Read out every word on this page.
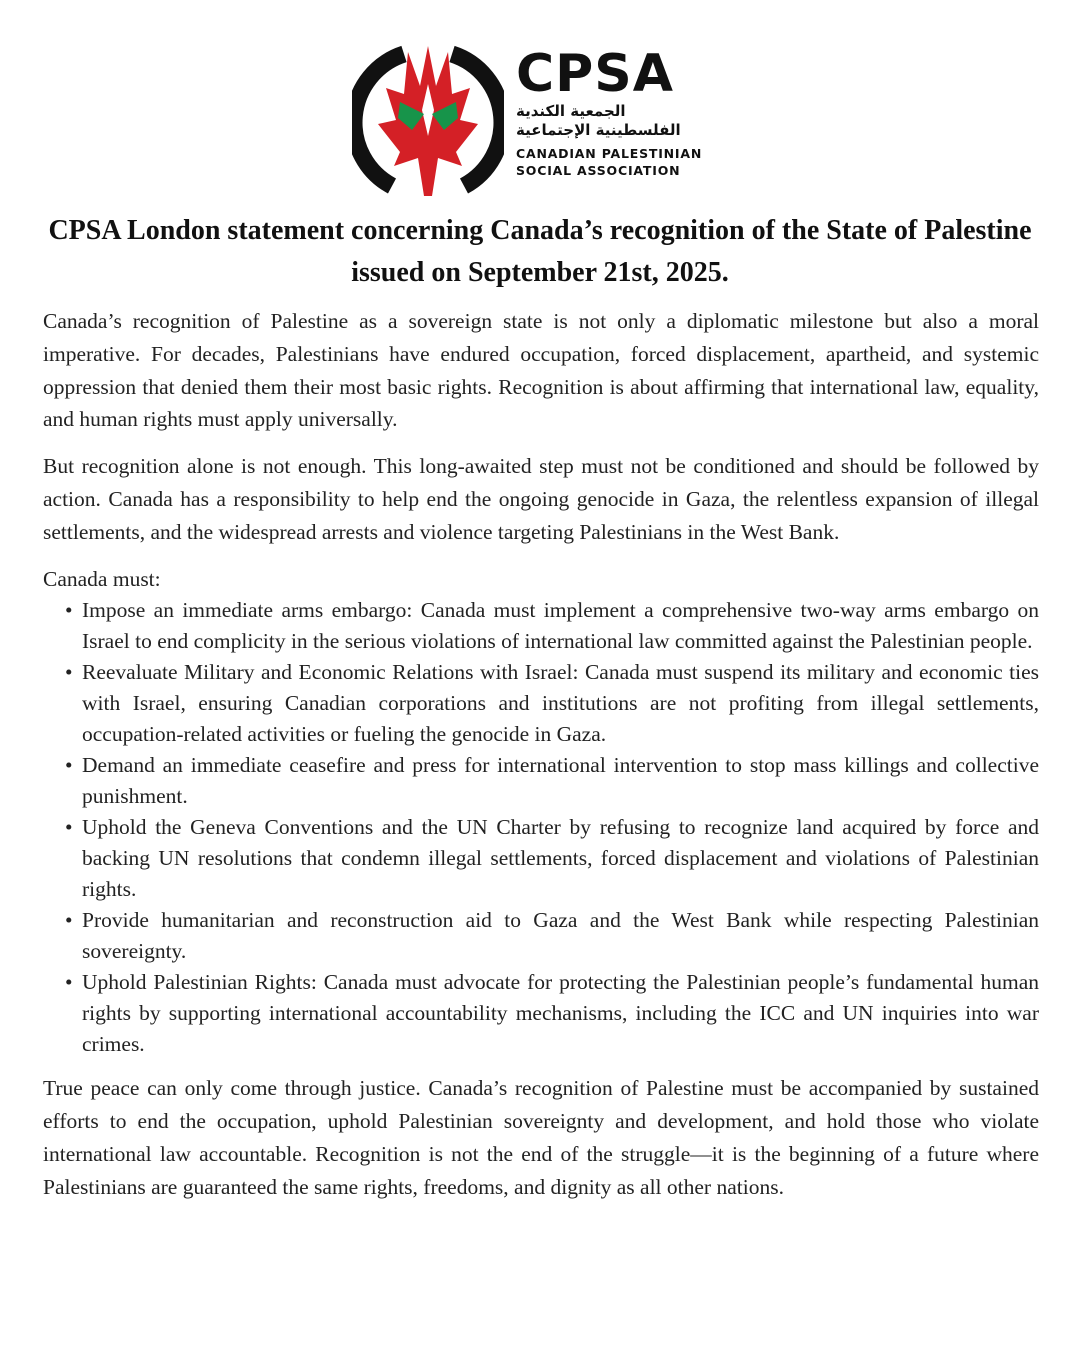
CPSA
الجمعية الكندية
الفلسطينية الإجتماعية
CANADIAN PALESTINIAN
SOCIAL ASSOCIATION
CPSA London statement concerning Canada’s recognition of the State of Palestine
issued on September 21st, 2025.

Canada’s recognition of Palestine as a sovereign state is not only a diplomatic milestone but also a moral imperative. For decades, Palestinians have endured occupation, forced displacement, apartheid, and systemic oppression that denied them their most basic rights. Recognition is about affirming that international law, equality, and human rights must apply universally.

But recognition alone is not enough. This long-awaited step must not be conditioned and should be followed by action. Canada has a responsibility to help end the ongoing genocide in Gaza, the relentless expansion of illegal settlements, and the widespread arrests and violence targeting Palestinians in the West Bank.

Canada must:

• Impose an immediate arms embargo: Canada must implement a comprehensive two-way arms embargo on Israel to end complicity in the serious violations of international law committed against the Palestinian people.
• Reevaluate Military and Economic Relations with Israel: Canada must suspend its military and economic ties with Israel, ensuring Canadian corporations and institutions are not profiting from illegal settlements, occupation-related activities or fueling the genocide in Gaza.
• Demand an immediate ceasefire and press for international intervention to stop mass killings and collective punishment.
• Uphold the Geneva Conventions and the UN Charter by refusing to recognize land acquired by force and backing UN resolutions that condemn illegal settlements, forced displacement and violations of Palestinian rights.
• Provide humanitarian and reconstruction aid to Gaza and the West Bank while respecting Palestinian sovereignty.
• Uphold Palestinian Rights: Canada must advocate for protecting the Palestinian people’s fundamental human rights by supporting international accountability mechanisms, including the ICC and UN inquiries into war crimes.

True peace can only come through justice. Canada’s recognition of Palestine must be accompanied by sustained efforts to end the occupation, uphold Palestinian sovereignty and development, and hold those who violate international law accountable. Recognition is not the end of the struggle—it is the beginning of a future where Palestinians are guaranteed the same rights, freedoms, and dignity as all other nations.
